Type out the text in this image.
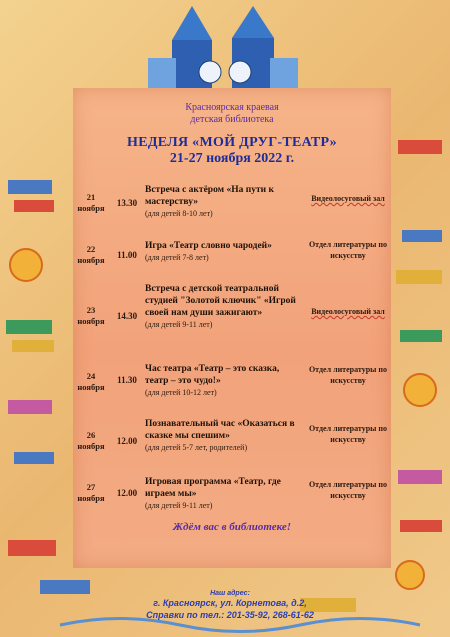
Красноярская краевая
детская библиотека
НЕДЕЛЯ «МОЙ ДРУГ-ТЕАТР»
21-27 ноября 2022 г.
21
ноября	13.30
Встреча с актёром «На пути к мастерству»
(для детей 8-10 лет)
Видеолосуговый зал
22
ноября	11.00
Игра «Театр словно чародей»
(для детей 7-8 лет)
Отдел литературы по искусству
23
ноября	14.30
Встреча с детской театральной студией "Золотой ключик" «Игрой своей нам души зажигают»
(для детей 9-11 лет)
Видеолосуговый зал
24
ноября
11.30
Час театра «Театр – это сказка, театр – это чудо!»
(для детей 10-12 лет)
Отдел литературы по искусству
26
ноября	12.00
Познавательный час «Оказаться в сказке мы спешим»
(для детей 5-7 лет, родителей)
Отдел литературы по искусству
27
ноября	12.00
Игровая программа «Театр, где играем мы»
(для детей 9-11 лет)
Отдел литературы по искусству
Ждём вас в библиотеке!
Наш адрес:
г. Красноярск, ул. Корнетова, д.2,
Справки по тел.: 201-35-92, 268-61-62
